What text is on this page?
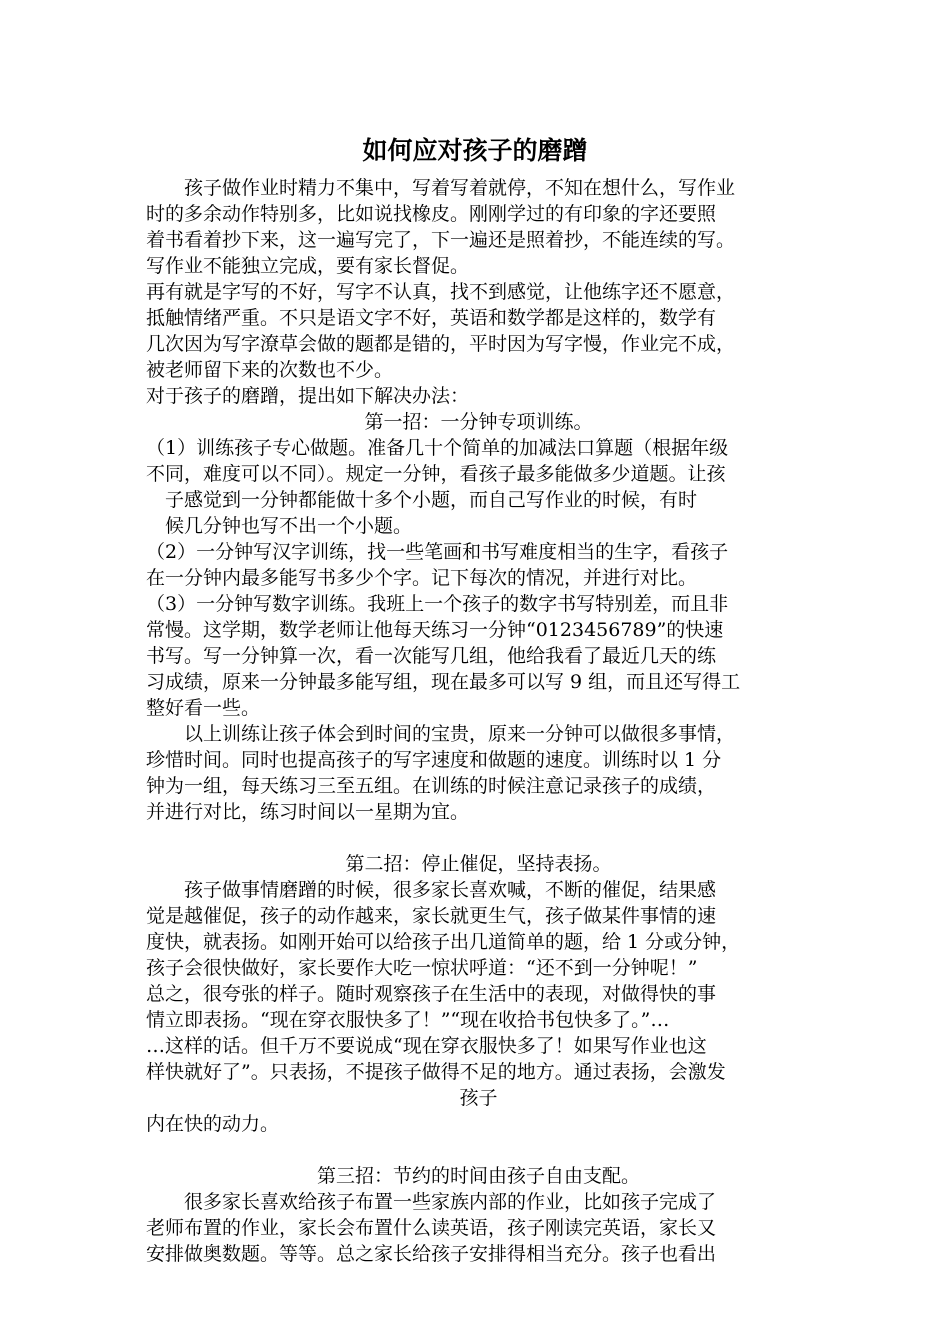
如何应对孩子的磨蹭
　　孩子做作业时精力不集中，写着写着就停，不知在想什么，写作业
时的多余动作特别多，比如说找橡皮。刚刚学过的有印象的字还要照
着书看着抄下来，这一遍写完了，下一遍还是照着抄，不能连续的写。
写作业不能独立完成，要有家长督促。
再有就是字写的不好，写字不认真，找不到感觉，让他练字还不愿意，
抵触情绪严重。不只是语文字不好，英语和数学都是这样的，数学有
几次因为写字潦草会做的题都是错的，平时因为写字慢，作业完不成，
被老师留下来的次数也不少。
对于孩子的磨蹭，提出如下解决办法：
第一招：一分钟专项训练。
（1）训练孩子专心做题。准备几十个简单的加减法口算题（根据年级
不同，难度可以不同）。规定一分钟，看孩子最多能做多少道题。让孩
　子感觉到一分钟都能做十多个小题，而自己写作业的时候，有时
　候几分钟也写不出一个小题。
（2）一分钟写汉字训练，找一些笔画和书写难度相当的生字，看孩子
在一分钟内最多能写书多少个字。记下每次的情况，并进行对比。
（3）一分钟写数字训练。我班上一个孩子的数字书写特别差，而且非
常慢。这学期，数学老师让他每天练习一分钟“0123456789”的快速
书写。写一分钟算一次，看一次能写几组，他给我看了最近几天的练
习成绩，原来一分钟最多能写组，现在最多可以写 9 组，而且还写得工
整好看一些。
　　以上训练让孩子体会到时间的宝贵，原来一分钟可以做很多事情，
珍惜时间。同时也提高孩子的写字速度和做题的速度。训练时以 1 分
钟为一组，每天练习三至五组。在训练的时候注意记录孩子的成绩，
并进行对比，练习时间以一星期为宜。
第二招：停止催促，坚持表扬。
　　孩子做事情磨蹭的时候，很多家长喜欢喊，不断的催促，结果感
觉是越催促，孩子的动作越来，家长就更生气，孩子做某件事情的速
度快，就表扬。如刚开始可以给孩子出几道简单的题，给 1 分或分钟，
孩子会很快做好，家长要作大吃一惊状呼道：“还不到一分钟呢！”
总之，很夸张的样子。随时观察孩子在生活中的表现，对做得快的事
情立即表扬。“现在穿衣服快多了！”“现在收拾书包快多了。”…
…这样的话。但千万不要说成“现在穿衣服快多了！如果写作业也这
样快就好了”。只表扬，不提孩子做得不足的地方。通过表扬，会激发
孩子
内在快的动力。
第三招：节约的时间由孩子自由支配。
　　很多家长喜欢给孩子布置一些家族内部的作业，比如孩子完成了
老师布置的作业，家长会布置什么读英语，孩子刚读完英语，家长又
安排做奥数题。等等。总之家长给孩子安排得相当充分。孩子也看出
